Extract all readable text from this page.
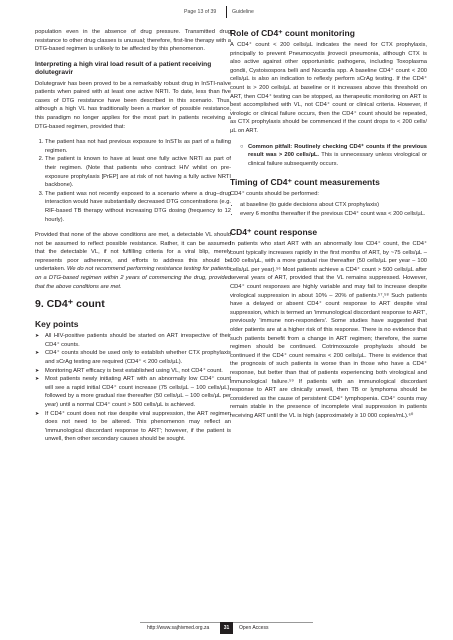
Page 13 of 39	Guideline

population even in the absence of drug pressure. Transmitted drug resistance to other drug classes is unusual; therefore, first-line therapy with a DTG-based regimen is unlikely to be affected by this phenomenon.

Interpreting a high viral load result of a patient receiving dolutegravir

Dolutegravir has been proved to be a remarkably robust drug in InSTI-naïve patients when paired with at least one active NRTI. To date, less than five cases of DTG resistance have been described in this scenario. Thus, although a high VL has traditionally been a marker of possible resistance, this paradigm no longer applies for the most part in patients receiving a DTG-based regimen, provided that:

1. The patient has not had previous exposure to InSTIs as part of a failing regimen.
2. The patient is known to have at least one fully active NRTI as part of their regimen. (Note that patients who contract HIV whilst on pre-exposure prophylaxis [PrEP] are at risk of not having a fully active NRTI backbone).
3. The patient was not recently exposed to a scenario where a drug–drug interaction would have substantially decreased DTG concentrations (e.g. RIF-based TB therapy without increasing DTG dosing (frequency to 12 hourly).

Provided that none of the above conditions are met, a detectable VL should not be assumed to reflect possible resistance. Rather, it can be assumed that the detectable VL, if not fulfilling criteria for a viral blip, merely represents poor adherence, and efforts to address this should be undertaken. We do not recommend performing resistance testing for patients on a DTG-based regimen within 2 years of commencing the drug, provided that the above conditions are met.

9. CD4⁺ count
Key points
➤ All HIV-positive patients should be started on ART irrespective of their CD4⁺ counts.
➤ CD4⁺ counts should be used only to establish whether CTX prophylaxis and sCrAg testing are required (CD4⁺ < 200 cells/µL).
➤ Monitoring ART efficacy is best established using VL, not CD4⁺ count.
➤ Most patients newly initiating ART with an abnormally low CD4⁺ count will see a rapid initial CD4⁺ count increase (75 cells/µL – 100 cells/µL), followed by a more gradual rise thereafter (50 cells/µL – 100 cells/µL per year) until a normal CD4⁺ count > 500 cells/µL is achieved.
➤ If CD4⁺ count does not rise despite viral suppression, the ART regimen does not need to be altered. This phenomenon may reflect an 'immunological discordant response to ART'; however, if the patient is unwell, then other secondary causes should be sought.
Role of CD4⁺ count monitoring

A CD4⁺ count < 200 cells/µL indicates the need for CTX prophylaxis, principally to prevent Pneumocystis jirovecii pneumonia, although CTX is also active against other opportunistic pathogens, including Toxoplasma gondii, Cystoisospora belli and Nocardia spp. A baseline CD4⁺ count < 200 cells/µL is also an indication to reflexly perform sCrAg testing. If the CD4⁺ count is > 200 cells/µL at baseline or it increases above this threshold on ART, then CD4⁺ testing can be stopped, as therapeutic monitoring on ART is best accomplished with VL, not CD4⁺ count or clinical criteria. However, if virologic or clinical failure occurs, then the CD4⁺ count should be repeated, as CTX prophylaxis should be commenced if the count drops to < 200 cells/µL on ART.

○ Common pitfall: Routinely checking CD4⁺ counts if the previous result was > 200 cells/µL. This is unnecessary unless virological or clinical failure subsequently occurs.
Timing of CD4⁺ count measurements

CD4⁺ counts should be performed:

• at baseline (to guide decisions about CTX prophylaxis)
• every 6 months thereafter if the previous CD4⁺ count was < 200 cells/µL.
CD4⁺ count response

In patients who start ART with an abnormally low CD4⁺ count, the CD4⁺ count typically increases rapidly in the first months of ART, by ~75 cells/µL – 100 cells/µL, with a more gradual rise thereafter (50 cells/µL per year – 100 cells/µL per year).⁵⁶ Most patients achieve a CD4⁺ count > 500 cells/µL after several years of ART, provided that the VL remains suppressed. However, CD4⁺ count responses are highly variable and may fail to increase despite virological suppression in about 10% – 20% of patients.⁵⁷,⁵⁸ Such patients have a delayed or absent CD4⁺ count response to ART despite viral suppression, which is termed an 'immunological discordant response to ART', previously 'immune non-responders'. Some studies have suggested that older patients are at a higher risk of this response. There is no evidence that such patients benefit from a change in ART regimen; therefore, the same regimen should be continued. Cotrimoxazole prophylaxis should be continued if the CD4⁺ count remains < 200 cells/µL. There is evidence that the prognosis of such patients is worse than in those who have a CD4⁺ response, but better than that of patients experiencing both virological and immunological failure.⁵⁹ If patients with an immunological discordant response to ART are clinically unwell, then TB or lymphoma should be considered as the cause of persistent CD4⁺ lymphopenia. CD4⁺ counts may remain stable in the presence of incomplete viral suppression in patients receiving ART until the VL is high (approximately ≥ 10 000 copies/mL).⁶⁰

http://www.sajhivmed.org.za	31	Open Access
